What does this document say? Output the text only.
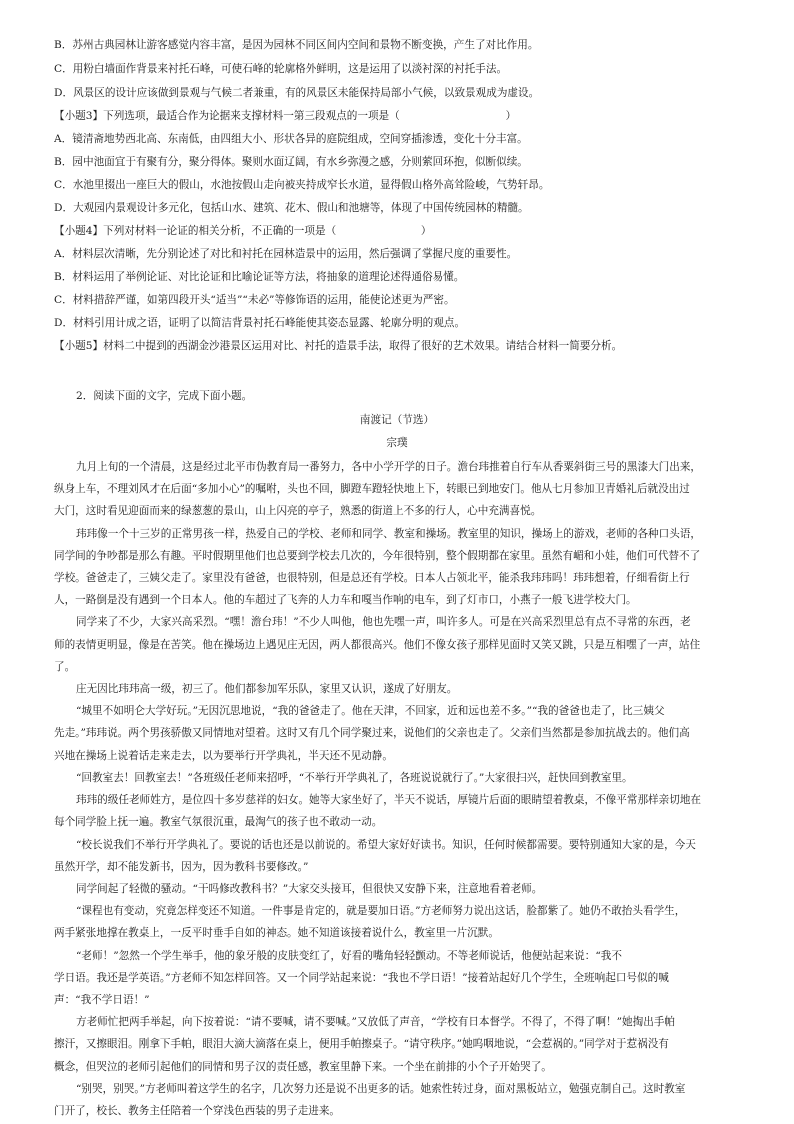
B．苏州古典园林让游客感觉内容丰富，是因为园林不同区间内空间和景物不断变换，产生了对比作用。
C．用粉白墙面作背景来衬托石峰，可使石峰的轮廓格外鲜明，这是运用了以淡衬深的衬托手法。
D．风景区的设计应该做到景观与气候二者兼重，有的风景区未能保持局部小气候，以致景观成为虚设。
【小题3】下列选项，最适合作为论据来支撑材料一第三段观点的一项是（　　　　　　　　　　）
A．镜清斋地势西北高、东南低，由四组大小、形状各异的庭院组成，空间穿插渗透，变化十分丰富。
B．园中池面宜于有聚有分，聚分得体。聚则水面辽阔，有水乡弥漫之感，分则萦回环抱，似断似续。
C．水池里掇出一座巨大的假山，水池按假山走向被夹持成窄长水道，显得假山格外高耸险峻，气势轩昂。
D．大观园内景观设计多元化，包括山水、建筑、花木、假山和池塘等，体现了中国传统园林的精髓。
【小题4】下列对材料一论证的相关分析，不正确的一项是（　　　　　　　　）
A．材料层次清晰，先分别论述了对比和衬托在园林造景中的运用，然后强调了掌握尺度的重要性。
B．材料运用了举例论证、对比论证和比喻论证等方法，将抽象的道理论述得通俗易懂。
C．材料措辞严谨，如第四段开头“适当”“未必”等修饰语的运用，能使论述更为严密。
D．材料引用计成之语，证明了以简洁背景衬托石峰能使其姿态显露、轮廓分明的观点。
【小题5】材料二中提到的西湖金沙港景区运用对比、衬托的造景手法，取得了很好的艺术效果。请结合材料一简要分析。
2．阅读下面的文字，完成下面小题。
南渡记（节选）
宗璞
九月上旬的一个清晨，这是经过北平市伪教育局一番努力，各中小学开学的日子。澹台玮推着自行车从香粟斜街三号的黑漆大门出来，
纵身上车，不理刘风才在后面“多加小心”的嘱咐，头也不回，脚蹬车蹬轻快地上下，转眼已到地安门。他从七月参加卫青婚礼后就没出过
大门，这时看见迎面而来的绿葱葱的景山，山上闪亮的亭子，熟悉的街道上不多的行人，心中充满喜悦。
玮玮像一个十三岁的正常男孩一样，热爱自己的学校、老师和同学、教室和操场。教室里的知识，操场上的游戏，老师的各种口头语，
同学间的争吵都是那么有趣。平时假期里他们也总要到学校去几次的，今年很特别，整个假期都在家里。虽然有嵋和小娃，他们可代替不了
学校。爸爸走了，三姨父走了。家里没有爸爸，也很特别，但是总还有学校。日本人占领北平，能杀我玮玮吗！玮玮想着，仔细看街上行
人，一路倒是没有遇到一个日本人。他的车超过了飞奔的人力车和嘎当作响的电车，到了灯市口，小燕子一般飞进学校大门。
同学来了不少，大家兴高采烈。“嘿！澹台玮！”不少人叫他，他也先嘿一声，叫许多人。可是在兴高采烈里总有点不寻常的东西，老
师的表情更明显，像是在苦笑。他在操场边上遇见庄无因，两人都很高兴。他们不像女孩子那样见面时又笑又跳，只是互相嘿了一声，站住
了。
庄无因比玮玮高一级，初三了。他们都参加军乐队，家里又认识，遂成了好朋友。
“城里不如明仑大学好玩。”无因沉思地说，“我的爸爸走了。他在天津，不回家，近和远也差不多。”“我的爸爸也走了，比三姨父
先走。”玮玮说。两个男孩骄傲又同情地对望着。这时又有几个同学聚过来，说他们的父亲也走了。父亲们当然都是参加抗战去的。他们高
兴地在操场上说着话走来走去，以为要举行开学典礼，半天还不见动静。
“回教室去！回教室去！”各班级任老师来招呼，“不举行开学典礼了，各班说说就行了。”大家很扫兴，赶快回到教室里。
玮玮的级任老师姓方，是位四十多岁慈祥的妇女。她等大家坐好了，半天不说话，厚镜片后面的眼睛望着教桌，不像平常那样亲切地在
每个同学脸上抚一遍。教室气氛很沉重，最淘气的孩子也不敢动一动。
“校长说我们不举行开学典礼了。要说的话也还是以前说的。希望大家好好读书。知识，任何时候都需要。要特别通知大家的是，今天
虽然开学，却不能发新书，因为，因为教科书要修改。”
同学间起了轻微的骚动。“干吗修改教科书？”大家交头接耳，但很快又安静下来，注意地看着老师。
“课程也有变动，究竟怎样变还不知道。一件事是肯定的，就是要加日语。”方老师努力说出这话，脸都紫了。她仍不敢抬头看学生，
两手紧张地撑在教桌上，一反平时垂手自如的神态。她不知道该接着说什么，教室里一片沉默。
“老师！”忽然一个学生举手，他的象牙般的皮肤变红了，好看的嘴角轻轻颤动。不等老师说话，他便站起来说：“我不
学日语。我还是学英语。”方老师不知怎样回答。又一个同学站起来说：“我也不学日语！”接着站起好几个学生，全班响起口号似的喊
声：“我不学日语！”
方老师忙把两手举起，向下按着说：“请不要喊，请不要喊。”又放低了声音，“学校有日本督学。不得了，不得了啊！”她掏出手帕
擦汗，又擦眼泪。刚拿下手帕，眼泪大滴大滴落在桌上，便用手帕擦桌子。“请守秩序。”她呜咽地说，“会惹祸的。”同学对于惹祸没有
概念，但哭泣的老师引起他们的同情和男子汉的责任感，教室里静下来。一个坐在前排的小个子开始哭了。
“别哭，别哭。”方老师叫着这学生的名字，几次努力还是说不出更多的话。她索性转过身，面对黑板站立，勉强克制自己。这时教室
门开了，校长、教务主任陪着一个穿浅色西装的男子走进来。
